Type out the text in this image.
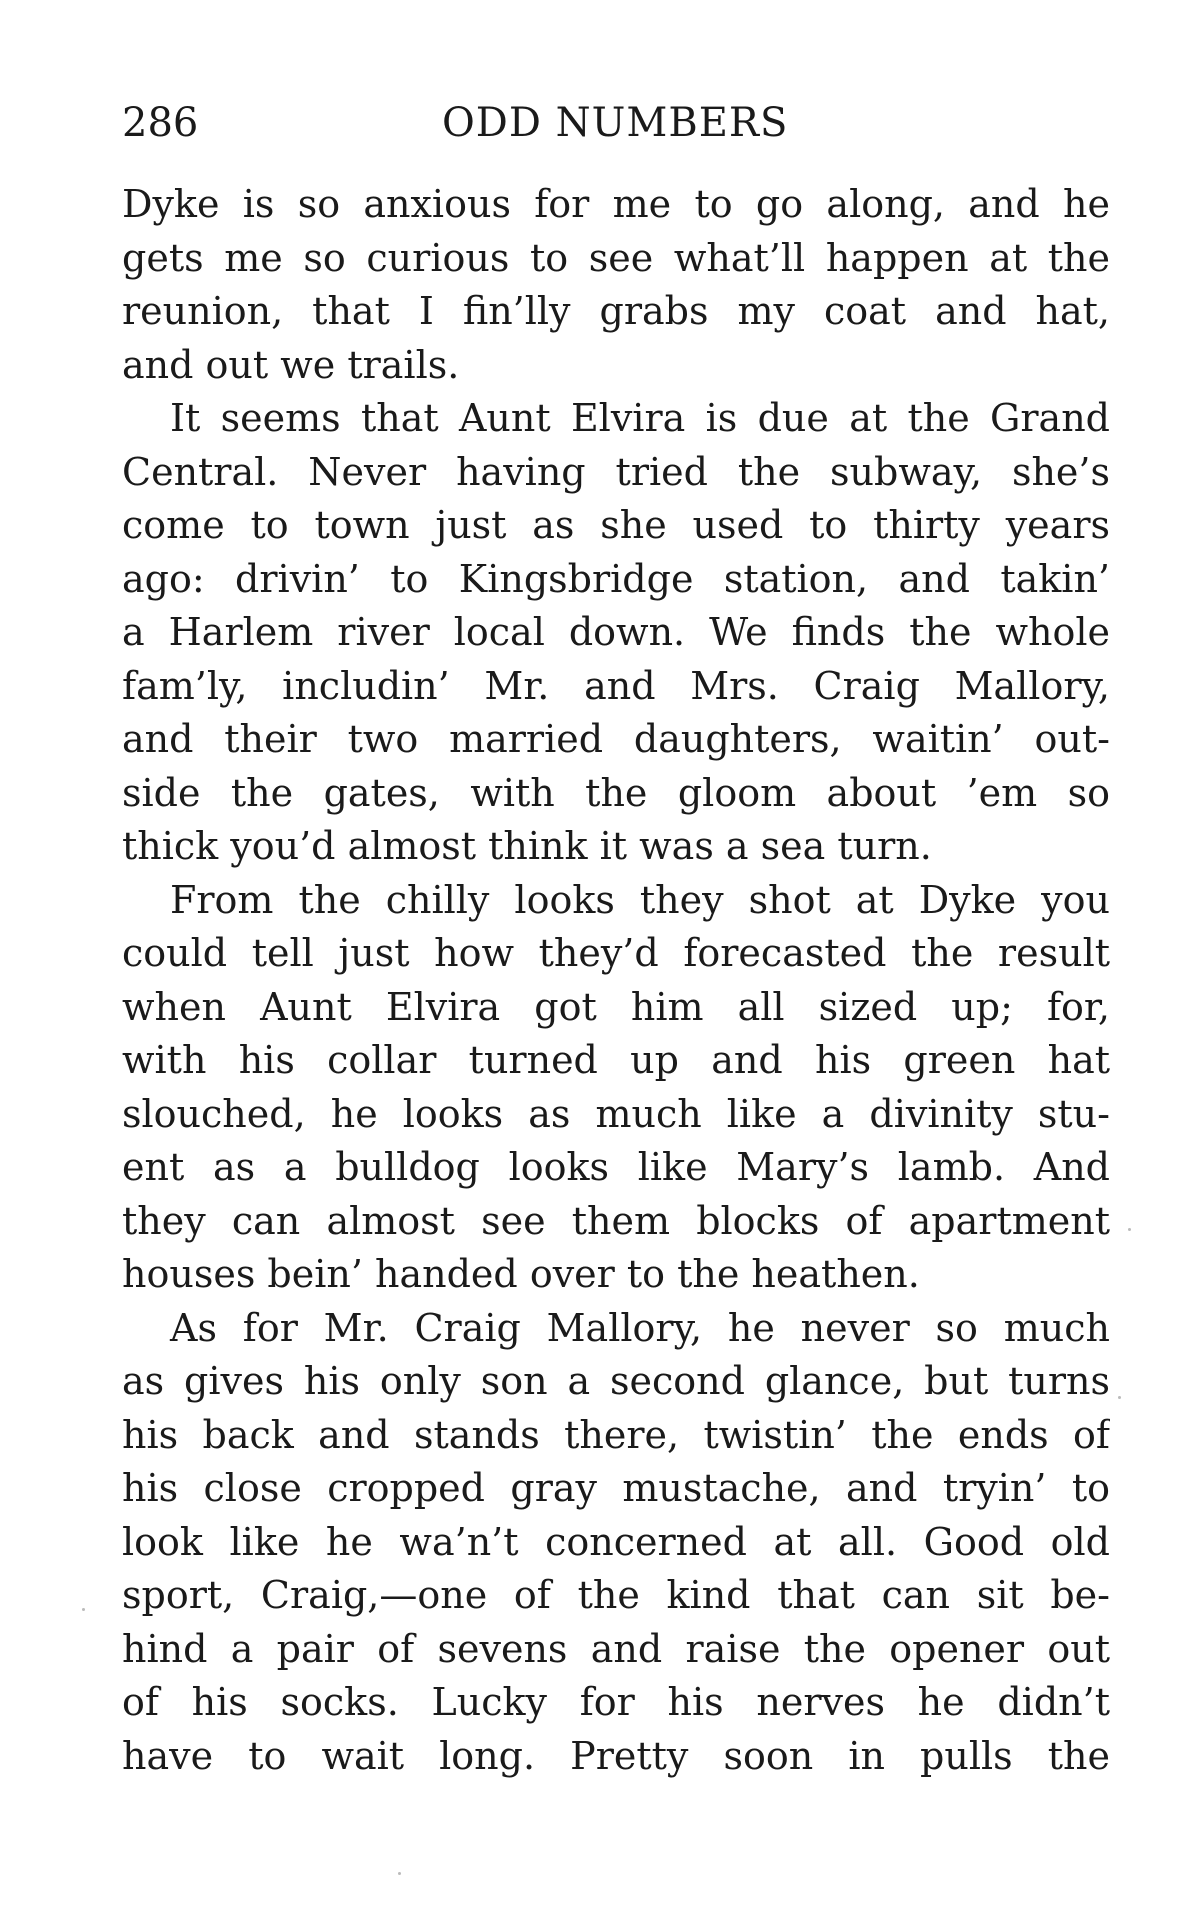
286	ODD NUMBERS
Dyke is so anxious for me to go along, and he
gets me so curious to see what’ll happen at the
reunion, that I fin’lly grabs my coat and hat,
and out we trails.
It seems that Aunt Elvira is due at the Grand
Central. Never having tried the subway, she’s
come to town just as she used to thirty years
ago: drivin’ to Kingsbridge station, and takin’
a Harlem river local down. We finds the whole
fam’ly, includin’ Mr. and Mrs. Craig Mallory,
and their two married daughters, waitin’ out-
side the gates, with the gloom about ’em so
thick you’d almost think it was a sea turn.
From the chilly looks they shot at Dyke you
could tell just how they’d forecasted the result
when Aunt Elvira got him all sized up; for,
with his collar turned up and his green hat
slouched, he looks as much like a divinity stu-
ent as a bulldog looks like Mary’s lamb. And
they can almost see them blocks of apartment
houses bein’ handed over to the heathen.
As for Mr. Craig Mallory, he never so much
as gives his only son a second glance, but turns
his back and stands there, twistin’ the ends of
his close cropped gray mustache, and tryin’ to
look like he wa’n’t concerned at all. Good old
sport, Craig,—one of the kind that can sit be-
hind a pair of sevens and raise the opener out
of his socks. Lucky for his nerves he didn’t
have to wait long. Pretty soon in pulls the
